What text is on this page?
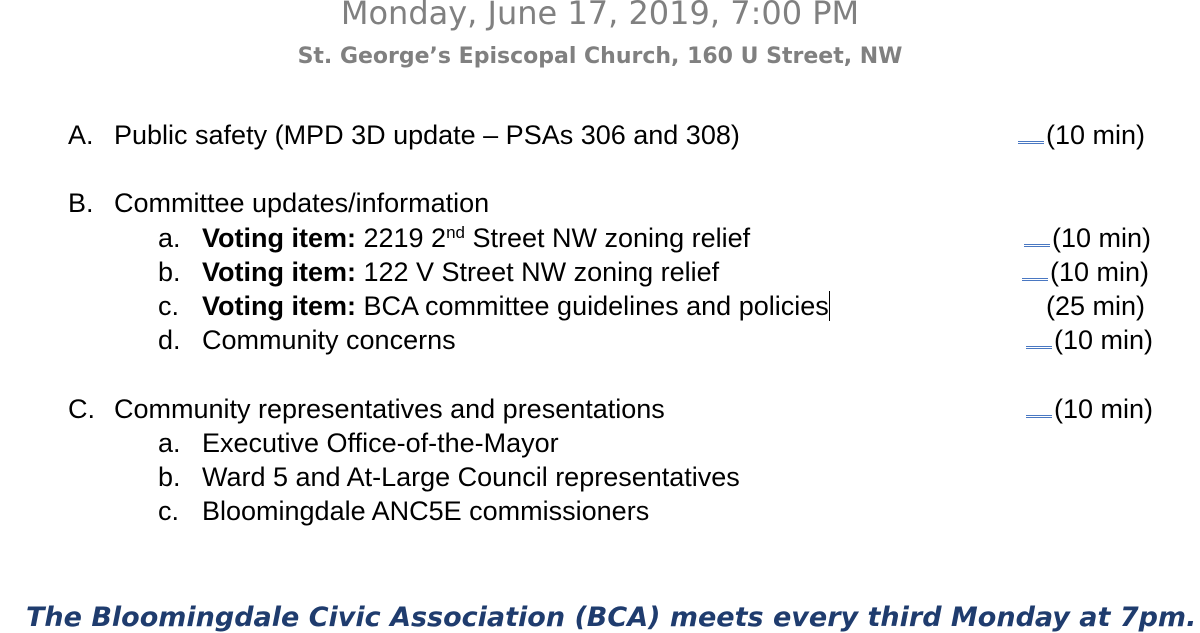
Monday, June 17, 2019, 7:00 PM
St. George’s Episcopal Church, 160 U Street, NW
A. Public safety (MPD 3D update – PSAs 306 and 308)	(10 min)
B. Committee updates/information
a. Voting item: 2219 2nd Street NW zoning relief	(10 min)
b. Voting item: 122 V Street NW zoning relief	(10 min)
c. Voting item: BCA committee guidelines and policies	(25 min)
d. Community concerns	(10 min)
C. Community representatives and presentations	(10 min)
a. Executive Office-of-the-Mayor
b. Ward 5 and At-Large Council representatives
c. Bloomingdale ANC5E commissioners
The Bloomingdale Civic Association (BCA) meets every third Monday at 7pm.
